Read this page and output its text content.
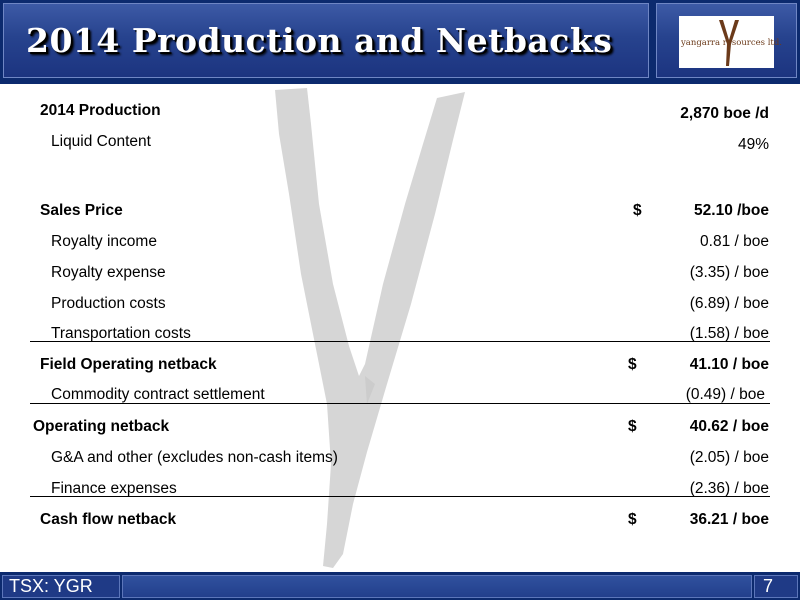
2014 Production and Netbacks	yangarra resources ltd.
2014 Production	2,870 boe /d
Liquid Content	49%
Sales Price	$	52.10 /boe
Royalty income	0.81 / boe
Royalty expense	(3.35) / boe
Production costs	(6.89) / boe
Transportation costs	(1.58) / boe
Field Operating netback	$	41.10 / boe
Commodity contract settlement	(0.49) / boe
Operating netback	$	40.62 / boe
G&A and other (excludes non-cash items)	(2.05) / boe
Finance expenses	(2.36) / boe
Cash flow netback	$	36.21 / boe
TSX: YGR	7
